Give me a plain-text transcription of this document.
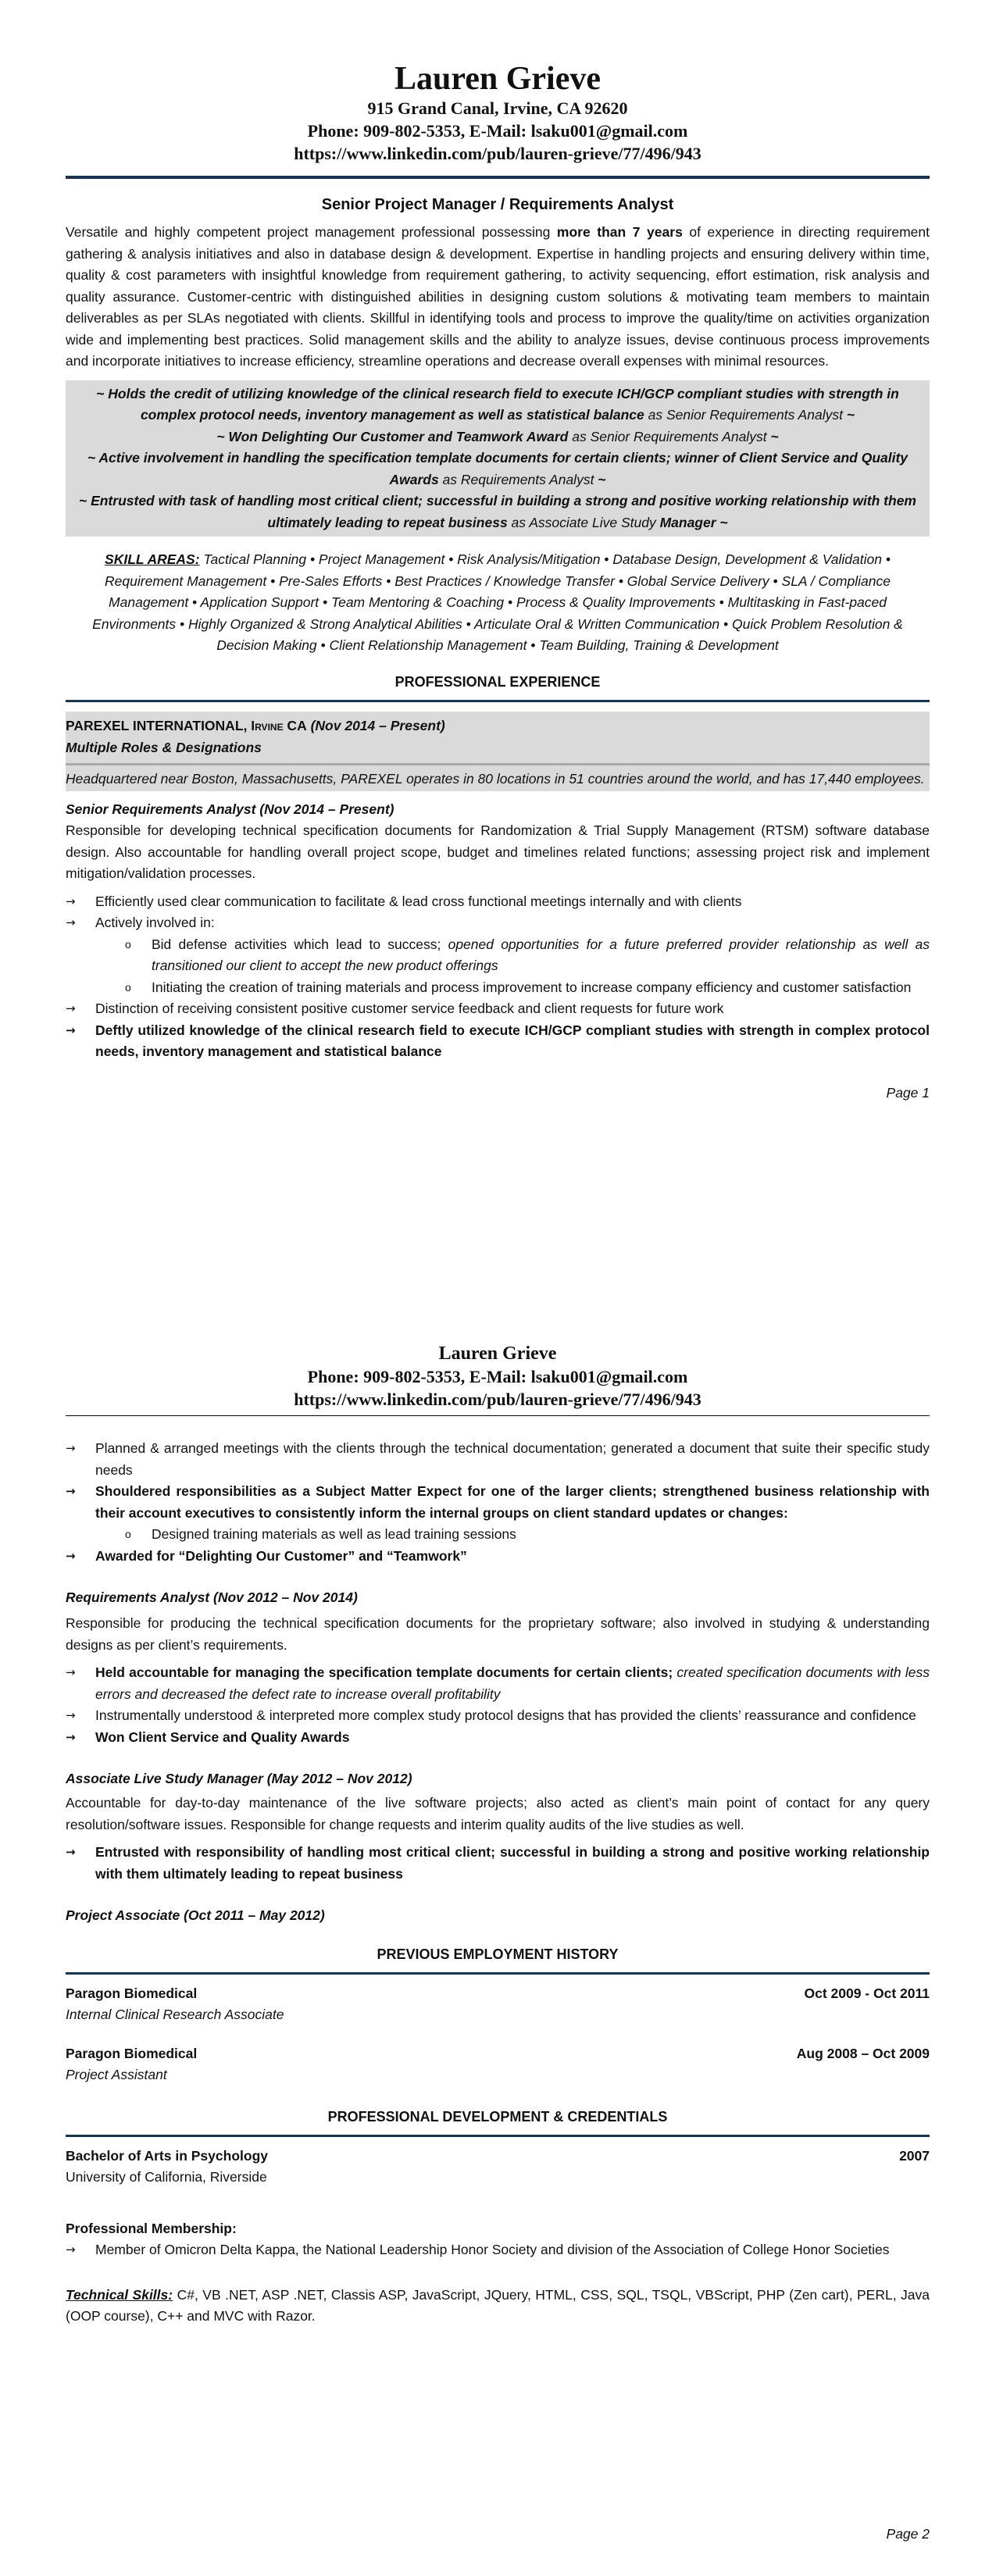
Lauren Grieve
915 Grand Canal, Irvine, CA 92620
Phone: 909-802-5353, E-Mail: lsaku001@gmail.com
https://www.linkedin.com/pub/lauren-grieve/77/496/943
Senior Project Manager / Requirements Analyst

Versatile and highly competent project management professional possessing more than 7 years of experience in directing requirement gathering & analysis initiatives and also in database design & development. Expertise in handling projects and ensuring delivery within time, quality & cost parameters with insightful knowledge from requirement gathering, to activity sequencing, effort estimation, risk analysis and quality assurance. Customer-centric with distinguished abilities in designing custom solutions & motivating team members to maintain deliverables as per SLAs negotiated with clients. Skillful in identifying tools and process to improve the quality/time on activities organization wide and implementing best practices. Solid management skills and the ability to analyze issues, devise continuous process improvements and incorporate initiatives to increase efficiency, streamline operations and decrease overall expenses with minimal resources.

~ Holds the credit of utilizing knowledge of the clinical research field to execute ICH/GCP compliant studies with strength in complex protocol needs, inventory management as well as statistical balance as Senior Requirements Analyst ~
~ Won Delighting Our Customer and Teamwork Award as Senior Requirements Analyst ~
~ Active involvement in handling the specification template documents for certain clients; winner of Client Service and Quality Awards as Requirements Analyst ~
~ Entrusted with task of handling most critical client; successful in building a strong and positive working relationship with them ultimately leading to repeat business as Associate Live Study Manager ~

SKILL AREAS: Tactical Planning • Project Management • Risk Analysis/Mitigation • Database Design, Development & Validation • Requirement Management • Pre-Sales Efforts • Best Practices / Knowledge Transfer • Global Service Delivery • SLA / Compliance Management • Application Support • Team Mentoring & Coaching • Process & Quality Improvements • Multitasking in Fast-paced Environments • Highly Organized & Strong Analytical Abilities • Articulate Oral & Written Communication • Quick Problem Resolution & Decision Making • Client Relationship Management • Team Building, Training & Development

PROFESSIONAL EXPERIENCE
PAREXEL INTERNATIONAL, Irvine CA (Nov 2014 – Present)
Multiple Roles & Designations
Headquartered near Boston, Massachusetts, PAREXEL operates in 80 locations in 51 countries around the world, and has 17,440 employees.
Senior Requirements Analyst (Nov 2014 – Present)

Responsible for developing technical specification documents for Randomization & Trial Supply Management (RTSM) software database design. Also accountable for handling overall project scope, budget and timelines related functions; assessing project risk and implement mitigation/validation processes.

→ Efficiently used clear communication to facilitate & lead cross functional meetings internally and with clients
→ Actively involved in:
o Bid defense activities which lead to success; opened opportunities for a future preferred provider relationship as well as transitioned our client to accept the new product offerings
o Initiating the creation of training materials and process improvement to increase company efficiency and customer satisfaction
→ Distinction of receiving consistent positive customer service feedback and client requests for future work
→ Deftly utilized knowledge of the clinical research field to execute ICH/GCP compliant studies with strength in complex protocol needs, inventory management and statistical balance
Page 1
Lauren Grieve
Phone: 909-802-5353, E-Mail: lsaku001@gmail.com
https://www.linkedin.com/pub/lauren-grieve/77/496/943
→ Planned & arranged meetings with the clients through the technical documentation; generated a document that suite their specific study needs
→ Shouldered responsibilities as a Subject Matter Expect for one of the larger clients; strengthened business relationship with their account executives to consistently inform the internal groups on client standard updates or changes:
o Designed training materials as well as lead training sessions
→ Awarded for “Delighting Our Customer” and “Teamwork”
Requirements Analyst (Nov 2012 – Nov 2014)

Responsible for producing the technical specification documents for the proprietary software; also involved in studying & understanding designs as per client’s requirements.

→ Held accountable for managing the specification template documents for certain clients; created specification documents with less errors and decreased the defect rate to increase overall profitability
→ Instrumentally understood & interpreted more complex study protocol designs that has provided the clients’ reassurance and confidence
→ Won Client Service and Quality Awards
Associate Live Study Manager (May 2012 – Nov 2012)

Accountable for day-to-day maintenance of the live software projects; also acted as client’s main point of contact for any query resolution/software issues. Responsible for change requests and interim quality audits of the live studies as well.

→ Entrusted with responsibility of handling most critical client; successful in building a strong and positive working relationship with them ultimately leading to repeat business
Project Associate (Oct 2011 – May 2012)
PREVIOUS EMPLOYMENT HISTORY
Paragon Biomedical	Oct 2009 - Oct 2011
Internal Clinical Research Associate
Paragon Biomedical	Aug 2008 – Oct 2009
Project Assistant
PROFESSIONAL DEVELOPMENT & CREDENTIALS
Bachelor of Arts in Psychology	2007
University of California, Riverside
Professional Membership:
→ Member of Omicron Delta Kappa, the National Leadership Honor Society and division of the Association of College Honor Societies

Technical Skills: C#, VB .NET, ASP .NET, Classis ASP, JavaScript, JQuery, HTML, CSS, SQL, TSQL, VBScript, PHP (Zen cart), PERL, Java (OOP course), C++ and MVC with Razor.

Page 2
